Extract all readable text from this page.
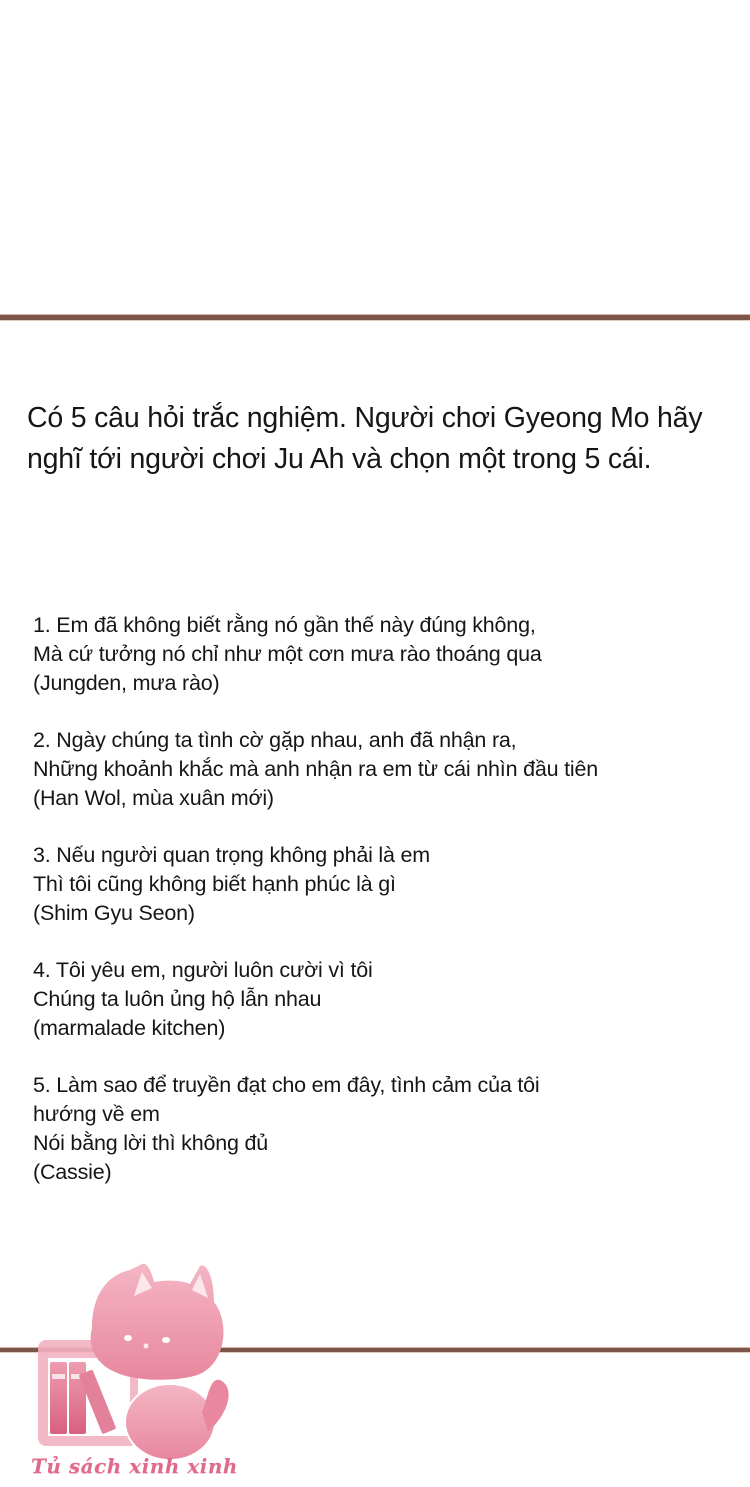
Có 5 câu hỏi trắc nghiệm. Người chơi Gyeong Mo hãy nghĩ tới người chơi Ju Ah và chọn một trong 5 cái.

1. Em đã không biết rằng nó gần thế này đúng không,
Mà cứ tưởng nó chỉ như một cơn mưa rào thoáng qua
(Jungden, mưa rào)
2. Ngày chúng ta tình cờ gặp nhau, anh đã nhận ra,
Những khoảnh khắc mà anh nhận ra em từ cái nhìn đầu tiên
(Han Wol, mùa xuân mới)
3. Nếu người quan trọng không phải là em
Thì tôi cũng không biết hạnh phúc là gì
(Shim Gyu Seon)
4. Tôi yêu em, người luôn cười vì tôi
Chúng ta luôn ủng hộ lẫn nhau
(marmalade kitchen)
5. Làm sao để truyền đạt cho em đây, tình cảm của tôi
hướng về em
Nói bằng lời thì không đủ
(Cassie)
Tủ sách xinh xinh
